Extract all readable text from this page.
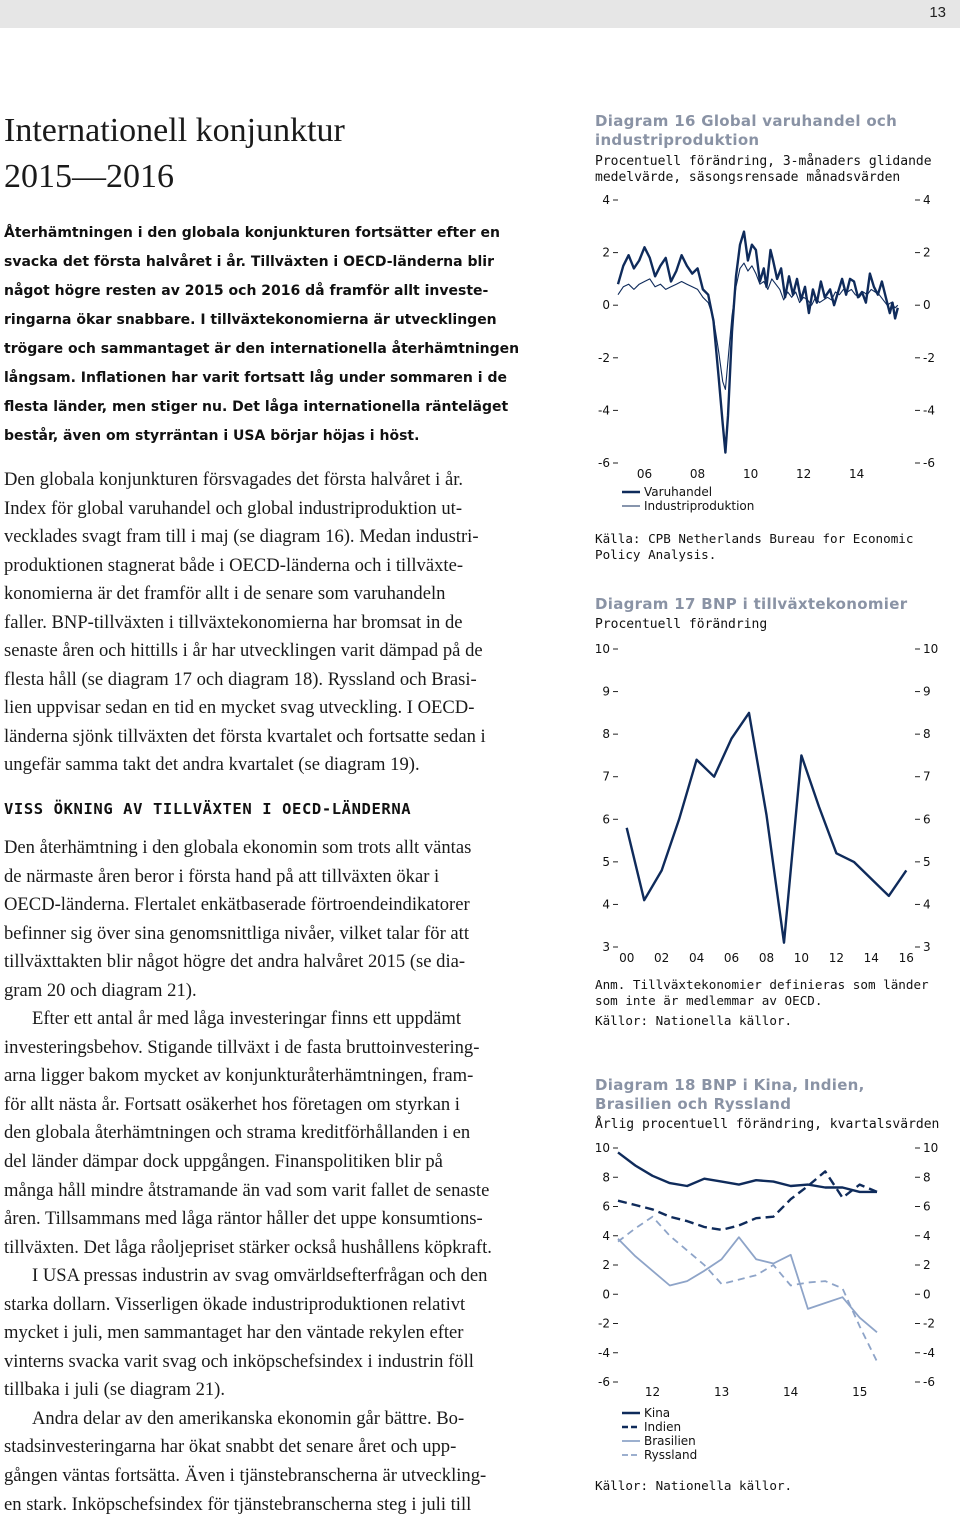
13
Internationell konjunktur
2015—2016
Återhämtningen i den globala konjunkturen fortsätter efter en
svacka det första halvåret i år. Tillväxten i OECD-länderna blir
något högre resten av 2015 och 2016 då framför allt investe-
ringarna ökar snabbare. I tillväxtekonomierna är utvecklingen
trögare och sammantaget är den internationella återhämtningen
långsam. Inflationen har varit fortsatt låg under sommaren i de
flesta länder, men stiger nu. Det låga internationella ränteläget
består, även om styrräntan i USA börjar höjas i höst.
Den globala konjunkturen försvagades det första halvåret i år.
Index för global varuhandel och global industriproduktion ut-
vecklades svagt fram till i maj (se diagram 16). Medan industri-
produktionen stagnerat både i OECD-länderna och i tillväxte-
konomierna är det framför allt i de senare som varuhandeln
faller. BNP-tillväxten i tillväxtekonomierna har bromsat in de
senaste åren och hittills i år har utvecklingen varit dämpad på de
flesta håll (se diagram 17 och diagram 18). Ryssland och Brasi-
lien uppvisar sedan en tid en mycket svag utveckling. I OECD-
länderna sjönk tillväxten det första kvartalet och fortsatte sedan i
ungefär samma takt det andra kvartalet (se diagram 19).
VISS ÖKNING AV TILLVÄXTEN I OECD-LÄNDERNA
Den återhämtning i den globala ekonomin som trots allt väntas
de närmaste åren beror i första hand på att tillväxten ökar i
OECD-länderna. Flertalet enkätbaserade förtroendeindikatorer
befinner sig över sina genomsnittliga nivåer, vilket talar för att
tillväxttakten blir något högre det andra halvåret 2015 (se dia-
gram 20 och diagram 21).
Efter ett antal år med låga investeringar finns ett uppdämt
investeringsbehov. Stigande tillväxt i de fasta bruttoinvestering-
arna ligger bakom mycket av konjunkturåterhämtningen, fram-
för allt nästa år. Fortsatt osäkerhet hos företagen om styrkan i
den globala återhämtningen och strama kreditförhållanden i en
del länder dämpar dock uppgången. Finanspolitiken blir på
många håll mindre åtstramande än vad som varit fallet de senaste
åren. Tillsammans med låga räntor håller det uppe konsumtions-
tillväxten. Det låga råoljepriset stärker också hushållens köpkraft.
I USA pressas industrin av svag omvärldsefterfrågan och den
starka dollarn. Visserligen ökade industriproduktionen relativt
mycket i juli, men sammantaget har den väntade rekylen efter
vinterns svacka varit svag och inköpschefsindex i industrin föll
tillbaka i juli (se diagram 21).
Andra delar av den amerikanska ekonomin går bättre. Bo-
stadsinvesteringarna har ökat snabbt det senare året och upp-
gången väntas fortsätta. Även i tjänstebranscherna är utveckling-
en stark. Inköpschefsindex för tjänstebranscherna steg i juli till
Diagram 16 Global varuhandel och
industriproduktion
Procentuell förändring, 3-månaders glidande
medelvärde, säsongsrensade månadsvärden
4	4
2	2
0	0
-2	-2
-4	-4
-6	-6
06	08	10	12	14
Varuhandel
Industriproduktion
Källa: CPB Netherlands Bureau for Economic
Policy Analysis.
Diagram 17 BNP i tillväxtekonomier
Procentuell förändring
10	10
9	9
8	8
7	7
6	6
5	5
4	4
3	3
00 02 04 06 08 10 12 14 16
Anm. Tillväxtekonomier definieras som länder
som inte är medlemmar av OECD.
Källor: Nationella källor.
Diagram 18 BNP i Kina, Indien,
Brasilien och Ryssland
Årlig procentuell förändring, kvartalsvärden
10	10
8	8
6	6
4	4
2	2
0	0
-2	-2
-4	-4
-6	-6
12	13	14	15
Kina
Indien
Brasilien
Ryssland
Källor: Nationella källor.
